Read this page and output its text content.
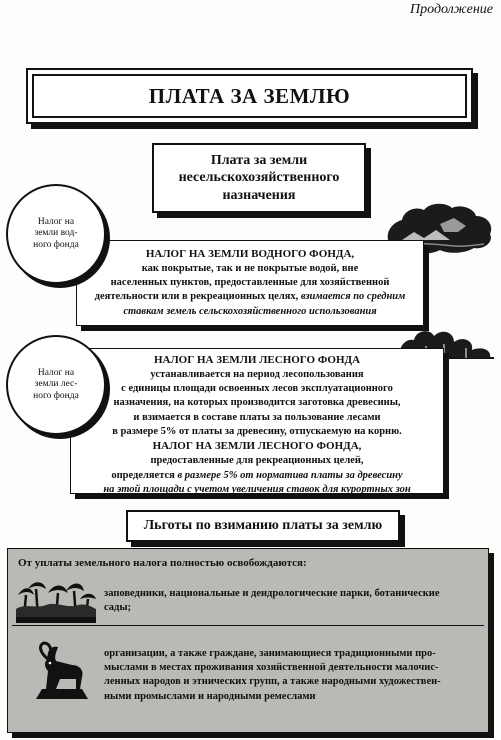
Продолжение
ПЛАТА ЗА ЗЕМЛЮ
Плата за земли
несельскохозяйственного
назначения
Налог на
земли вод-
ного фонда

НАЛОГ НА ЗЕМЛИ ВОДНОГО ФОНДА,

как покрытые, так и не покрытые водой, вне

населенных пунктов, предоставленные для хозяйственной

деятельности или в рекреационных целях, взимается по средним

ставкам земель сельскохозяйственного использования

Налог на
земли лес-
ного фонда

НАЛОГ НА ЗЕМЛИ ЛЕСНОГО ФОНДА

устанавливается на период лесопользования

с единицы площади освоенных лесов эксплуатационного

назначения, на которых производится заготовка древесины,

и взимается в составе платы за пользование лесами

в размере 5% от платы за древесину, отпускаемую на корню.

НАЛОГ НА ЗЕМЛИ ЛЕСНОГО ФОНДА,

предоставленные для рекреационных целей,

определяется в размере 5% от норматива платы за древесину

на этой площади с учетом увеличения ставок для курортных зон

Льготы по взиманию платы за землю
От уплаты земельного налога полностью освобождаются:
заповедники, национальные и дендрологические парки, ботанические
сады;
организации, а также граждане, занимающиеся традиционными про-
мыслами в местах проживания хозяйственной деятельности малочис-
ленных народов и этнических групп, а также народными художествен-
ными промыслами и народными ремеслами
